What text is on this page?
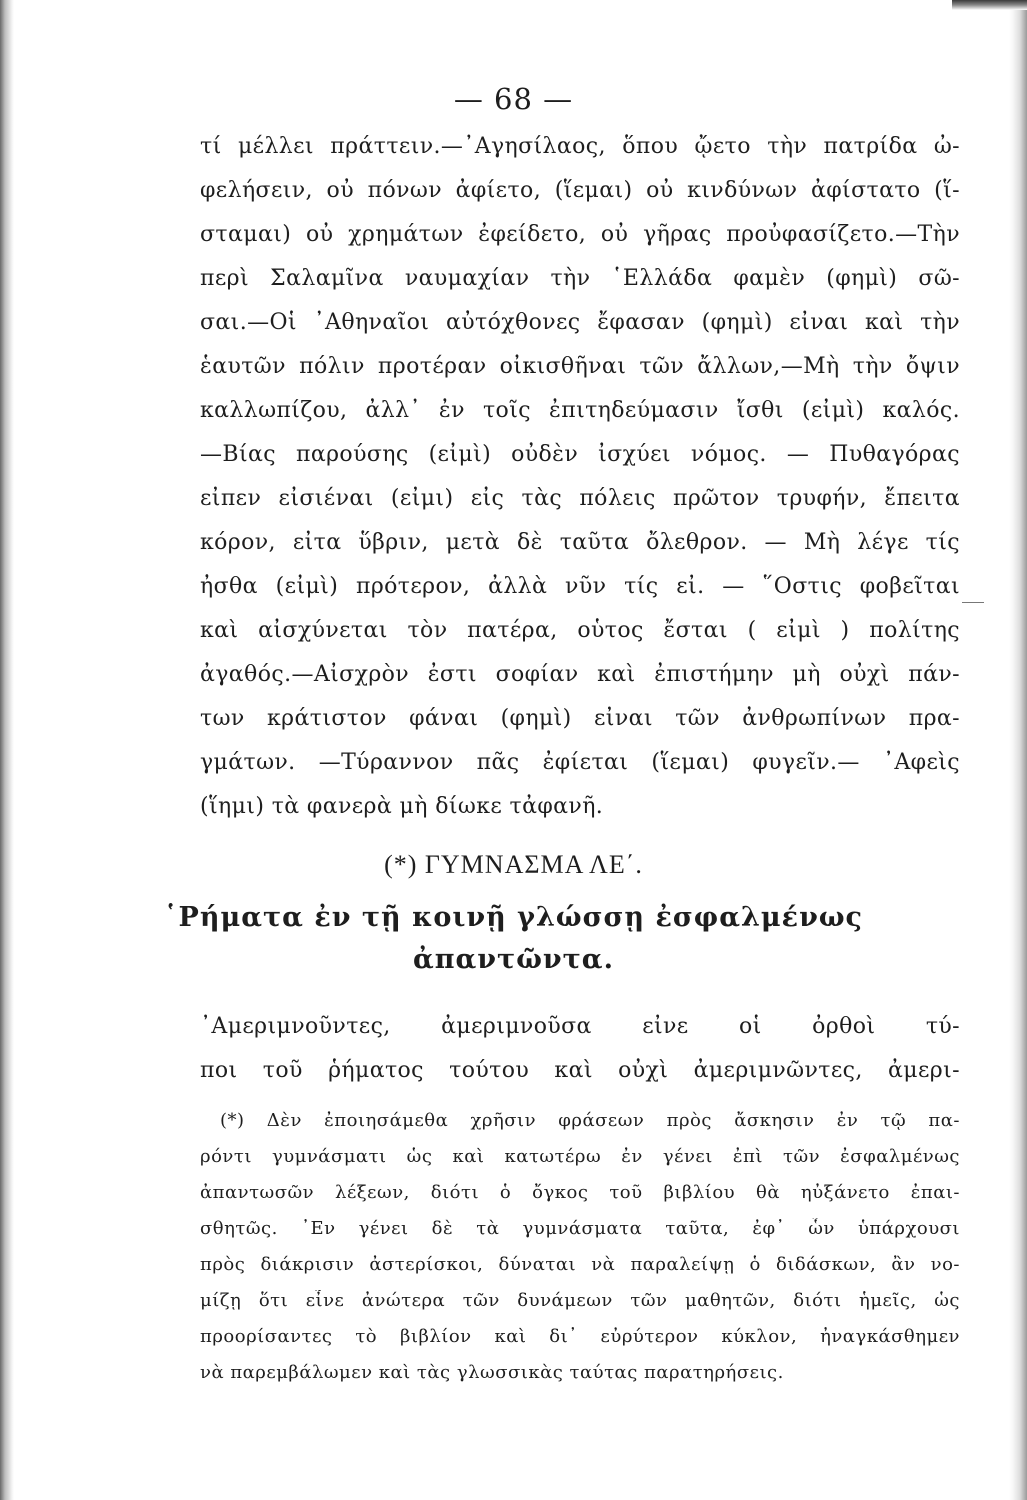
— 68 —
τί μέλλει πράττειν.—᾿Αγησίλαος, ὅπου ᾤετο τὴν πατρίδα ὠ-
φελήσειν, οὐ πόνων ἀφίετο, (ἵεμαι) οὐ κινδύνων ἀφίστατο (ἵ-
σταμαι) οὐ χρημάτων ἐφείδετο, οὐ γῆρας προὐφασίζετο.—Τὴν
περὶ Σαλαμῖνα ναυμαχίαν τὴν ῾Ελλάδα φαμὲν (φημὶ) σῶ-
σαι.—Οἱ ᾿Αθηναῖοι αὐτόχθονες ἔφασαν (φημὶ) εἶναι καὶ τὴν
ἑαυτῶν πόλιν προτέραν οἰκισθῆναι τῶν ἄλλων,—Μὴ τὴν ὄψιν
καλλωπίζου, ἀλλ᾿ ἐν τοῖς ἐπιτηδεύμασιν ἴσθι (εἰμὶ) καλός.
—Βίας παρούσης (εἰμὶ) οὐδὲν ἰσχύει νόμος. — Πυθαγόρας
εἶπεν εἰσιέναι (εἶμι) εἰς τὰς πόλεις πρῶτον τρυφήν, ἔπειτα
κόρον, εἶτα ὕβριν, μετὰ δὲ ταῦτα ὄλεθρον. — Μὴ λέγε τίς
ἦσθα (εἰμὶ) πρότερον, ἀλλὰ νῦν τίς εἶ. — ῞Οστις φοβεῖται
καὶ αἰσχύνεται τὸν πατέρα, οὗτος ἔσται ( εἰμὶ ) πολίτης
ἀγαθός.—Αἰσχρὸν ἐστι σοφίαν καὶ ἐπιστήμην μὴ οὐχὶ πάν-
των κράτιστον φάναι (φημὶ) εἶναι τῶν ἀνθρωπίνων πρα-
γμάτων. —Τύραννον πᾶς ἐφίεται (ἵεμαι) φυγεῖν.— ᾿Αφεὶς
(ἵημι) τὰ φανερὰ μὴ δίωκε τἀφανῆ.
(*) ΓΥΜΝΑΣΜΑ ΛΕ΄.
῾Ρήματα ἐν τῇ κοινῇ γλώσσῃ ἐσφαλμένως
ἀπαντῶντα.
᾿Αμεριμνοῦντες, ἀμεριμνοῦσα εἶνε οἱ ὀρθοὶ τύ-
ποι τοῦ ῥήματος τούτου καὶ οὐχὶ ἀμεριμνῶντες, ἀμερι-
(*) Δὲν ἐποιησάμεθα χρῆσιν φράσεων πρὸς ἄσκησιν ἐν τῷ πα-
ρόντι γυμνάσματι ὡς καὶ κατωτέρω ἐν γένει ἐπὶ τῶν ἐσφαλμένως
ἀπαντωσῶν λέξεων, διότι ὁ ὄγκος τοῦ βιβλίου θὰ ηὐξάνετο ἐπαι-
σθητῶς. ᾿Εν γένει δὲ τὰ γυμνάσματα ταῦτα, ἐφ᾿ ὧν ὑπάρχουσι
πρὸς διάκρισιν ἀστερίσκοι, δύναται νὰ παραλείψῃ ὁ διδάσκων, ἂν νο-
μίζῃ ὅτι εἶνε ἀνώτερα τῶν δυνάμεων τῶν μαθητῶν, διότι ἡμεῖς, ὡς
προορίσαντες τὸ βιβλίον καὶ δι᾿ εὐρύτερον κύκλον, ἠναγκάσθημεν
νὰ παρεμβάλωμεν καὶ τὰς γλωσσικὰς ταύτας παρατηρήσεις.
